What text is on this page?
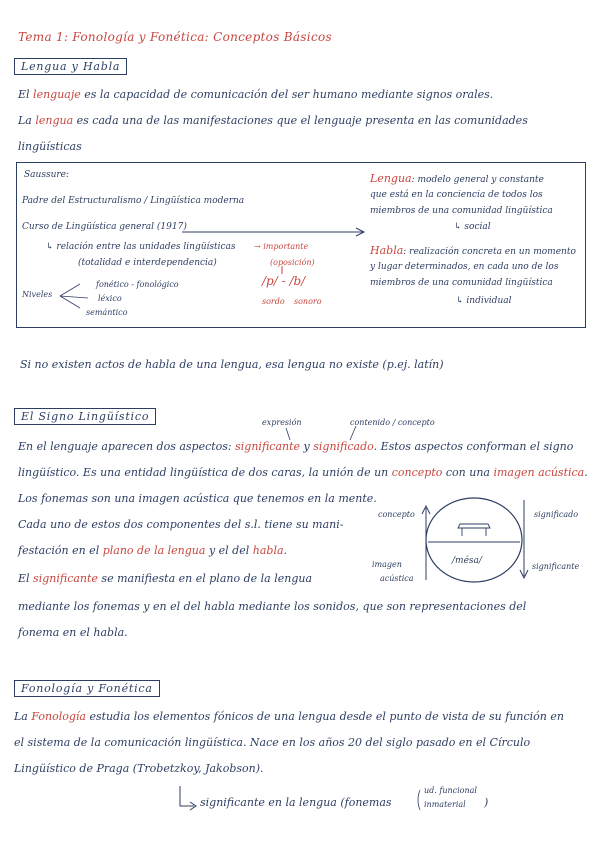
Tema 1: Fonología y Fonética: Conceptos Básicos
Lengua y Habla
El lenguaje es la capacidad de comunicación del ser humano mediante signos orales.
La lengua es cada una de las manifestaciones que el lenguaje presenta en las comunidades
lingüísticas
Saussure:
Padre del Estructuralismo / Lingüística moderna
Curso de Lingüística general (1917)
↳ relación entre las unidades lingüísticas
(totalidad e interdependencia)
→ importante
(oposición)
/p/ - /b/
sordo sonoro
Niveles
fonético - fonológico
léxico
semántico
Lengua: modelo general y constante
que está en la conciencia de todos los
miembros de una comunidad lingüística
↳ social
Habla: realización concreta en un momento
y lugar determinados, en cada uno de los
miembros de una comunidad lingüística
↳ individual
Si no existen actos de habla de una lengua, esa lengua no existe (p.ej. latín)
El Signo Lingüístico	expresión	contenido / concepto
En el lenguaje aparecen dos aspectos: significante y significado. Estos aspectos conforman el signo
lingüístico. Es una entidad lingüística de dos caras, la unión de un concepto con una imagen acústica.
Los fonemas son una imagen acústica que tenemos en la mente.
Cada uno de estos dos componentes del s.l. tiene su mani-
festación en el plano de la lengua y el del habla.
El significante se manifiesta en el plano de la lengua
mediante los fonemas y en el del habla mediante los sonidos, que son representaciones del
fonema en el habla.
concepto
imagen
acústica
significado
significante
/mésa/
Fonología y Fonética
La Fonología estudia los elementos fónicos de una lengua desde el punto de vista de su función en
el sistema de la comunicación lingüística. Nace en los años 20 del siglo pasado en el Círculo
Lingüístico de Praga (Trobetzkoy, Jakobson).
ud. funcional
inmaterial
significante en la lengua (fonemas	)
